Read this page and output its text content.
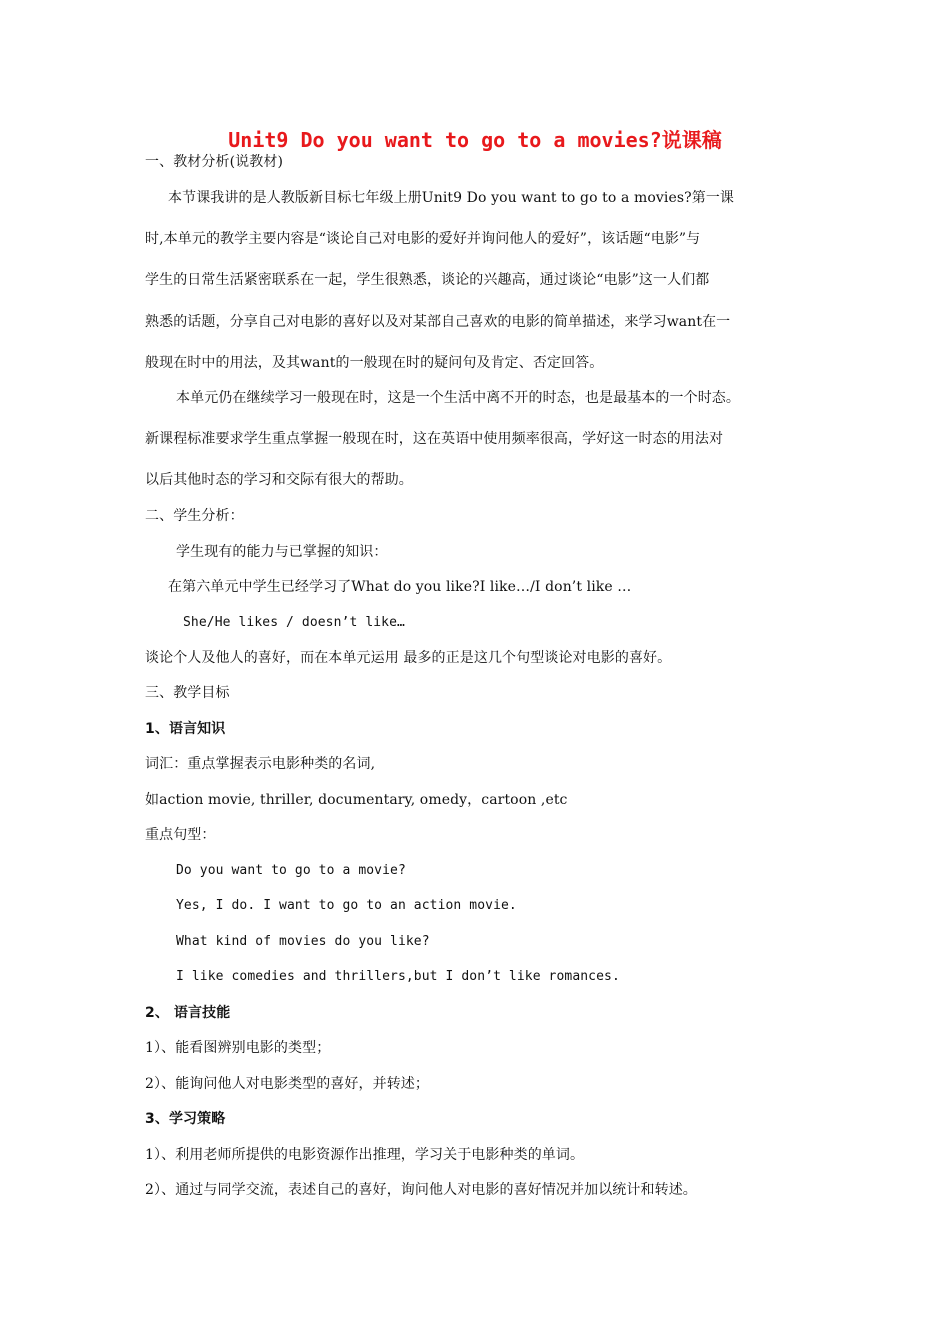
Unit9 Do you want to go to a movies?说课稿
一、教材分析(说教材)
本节课我讲的是人教版新目标七年级上册Unit9 Do you want to go to a movies?第一课
时,本单元的教学主要内容是“谈论自己对电影的爱好并询问他人的爱好”，该话题“电影”与
学生的日常生活紧密联系在一起，学生很熟悉，谈论的兴趣高，通过谈论“电影”这一人们都
熟悉的话题，分享自己对电影的喜好以及对某部自己喜欢的电影的简单描述，来学习want在一
般现在时中的用法，及其want的一般现在时的疑问句及肯定、否定回答。
本单元仍在继续学习一般现在时，这是一个生活中离不开的时态，也是最基本的一个时态。
新课程标准要求学生重点掌握一般现在时，这在英语中使用频率很高，学好这一时态的用法对
以后其他时态的学习和交际有很大的帮助。
二、学生分析：
学生现有的能力与已掌握的知识：
在第六单元中学生已经学习了What do you like?I like…/I don’t like …
She/He likes / doesn’t like…
谈论个人及他人的喜好，而在本单元运用 最多的正是这几个句型谈论对电影的喜好。
三、教学目标
1、语言知识
词汇：重点掌握表示电影种类的名词,
如action movie, thriller, documentary, omedy，cartoon ,etc
重点句型：
Do you want to go to a movie?
Yes, I do. I want to go to an action movie.
What kind of movies do you like?
I like comedies and thrillers,but I don’t like romances.
2、 语言技能
1）、能看图辨别电影的类型；
2）、能询问他人对电影类型的喜好，并转述；
3、学习策略
1）、利用老师所提供的电影资源作出推理，学习关于电影种类的单词。
2）、通过与同学交流，表述自己的喜好，询问他人对电影的喜好情况并加以统计和转述。
